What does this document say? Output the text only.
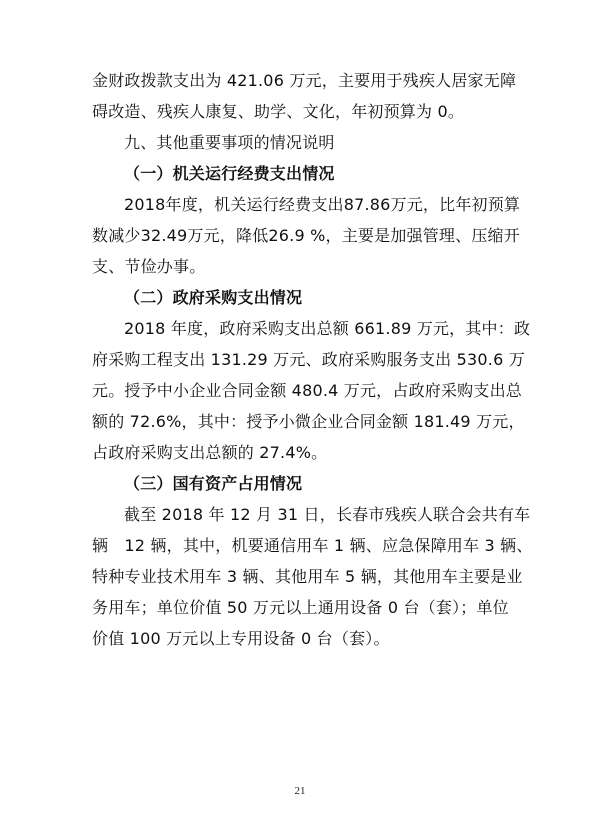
金财政拨款支出为 421.06 万元，主要用于残疾人居家无障
碍改造、残疾人康复、助学、文化，年初预算为 0。
九、其他重要事项的情况说明
（一）机关运行经费支出情况
2018年度，机关运行经费支出87.86万元，比年初预算
数减少32.49万元，降低26.9 %，主要是加强管理、压缩开
支、节俭办事。
（二）政府采购支出情况
2018 年度，政府采购支出总额 661.89 万元，其中：政
府采购工程支出 131.29 万元、政府采购服务支出 530.6 万
元。授予中小企业合同金额 480.4 万元，占政府采购支出总
额的 72.6%，其中：授予小微企业合同金额 181.49 万元，
占政府采购支出总额的 27.4%。
（三）国有资产占用情况
截至 2018 年 12 月 31 日，长春市残疾人联合会共有车
辆　12 辆，其中，机要通信用车 1 辆、应急保障用车 3 辆、
特种专业技术用车 3 辆、其他用车 5 辆，其他用车主要是业
务用车；单位价值 50 万元以上通用设备 0 台（套）；单位
价值 100 万元以上专用设备 0 台（套）。
21
